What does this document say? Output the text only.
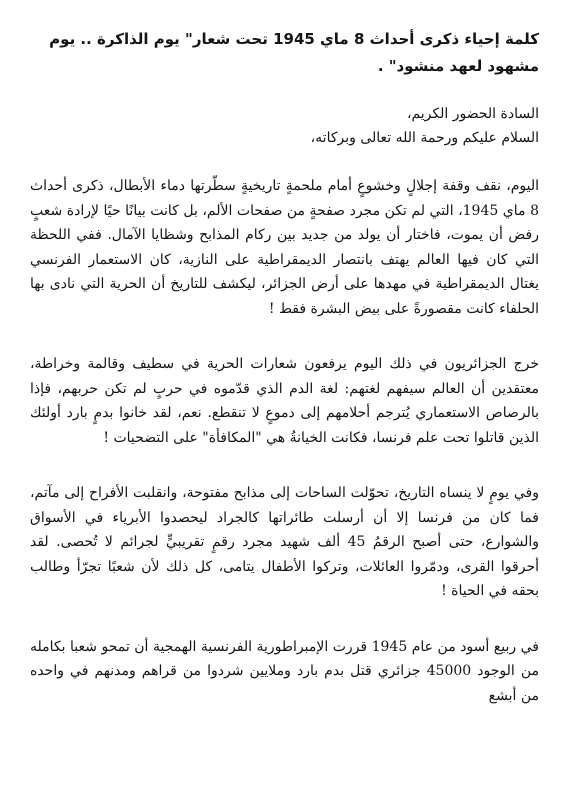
كلمة إحياء ذكرى أحداث 8 ماي 1945 تحت شعار" يوم الذاكرة .. يوم مشهود لعهد منشود" .
السادة الحضور الكريم،
السلام عليكم ورحمة الله تعالى وبركاته،

اليوم، نقف وقفة إجلالٍ وخشوعٍ أمام ملحمةٍ تاريخيةٍ سطّرتها دماء الأبطال، ذكرى أحداث 8 ماي 1945، التي لم تكن مجرد صفحةٍ من صفحات الألم، بل كانت بيانًا حيًا لإرادة شعبٍ رفض أن يموت، فاختار أن يولد من جديد بين ركام المذابح وشظايا الآمال. ففي اللحظة التي كان فيها العالم يهتف بانتصار الديمقراطية على النازية، كان الاستعمار الفرنسي يغتال الديمقراطية في مهدها على أرض الجزائر، ليكشف للتاريخ أن الحرية التي نادى بها الحلفاء كانت مقصورةً على بيض البشرة فقط !

خرج الجزائريون في ذلك اليوم يرفعون شعارات الحرية في سطيف وقالمة وخراطة، معتقدين أن العالم سيفهم لغتهم: لغة الدم الذي قدّموه في حربٍ لم تكن حربهم، فإذا بالرصاص الاستعماري يُترجم أحلامهم إلى دموعٍ لا تنقطع. نعم، لقد خانوا بدمٍ بارد أولئك الذين قاتلوا تحت علم فرنسا، فكانت الخيانةُ هي "المكافأة" على التضحيات !

وفي يومٍ لا ينساه التاريخ، تحوّلت الساحات إلى مذابح مفتوحة، وانقلبت الأفراح إلى مآتم، فما كان من فرنسا إلا أن أرسلت طائراتها كالجراد ليحصدوا الأبرياء في الأسواق والشوارع، حتى أصبح الرقمُ 45 ألف شهيد مجرد رقمٍ تقريبيٍّ لجرائم لا تُحصى. لقد أحرقوا القرى، ودمّروا العائلات، وتركوا الأطفال يتامى، كل ذلك لأن شعبًا تجرّأ وطالب بحقه في الحياة !

في ربيع أسود من عام 1945 قررت الإمبراطورية الفرنسية الهمجية أن تمحو شعبا بكامله من الوجود 45000 جزائري قتل بدم بارد وملايين شردوا من قراهم ومدنهم في واحده من أبشع
